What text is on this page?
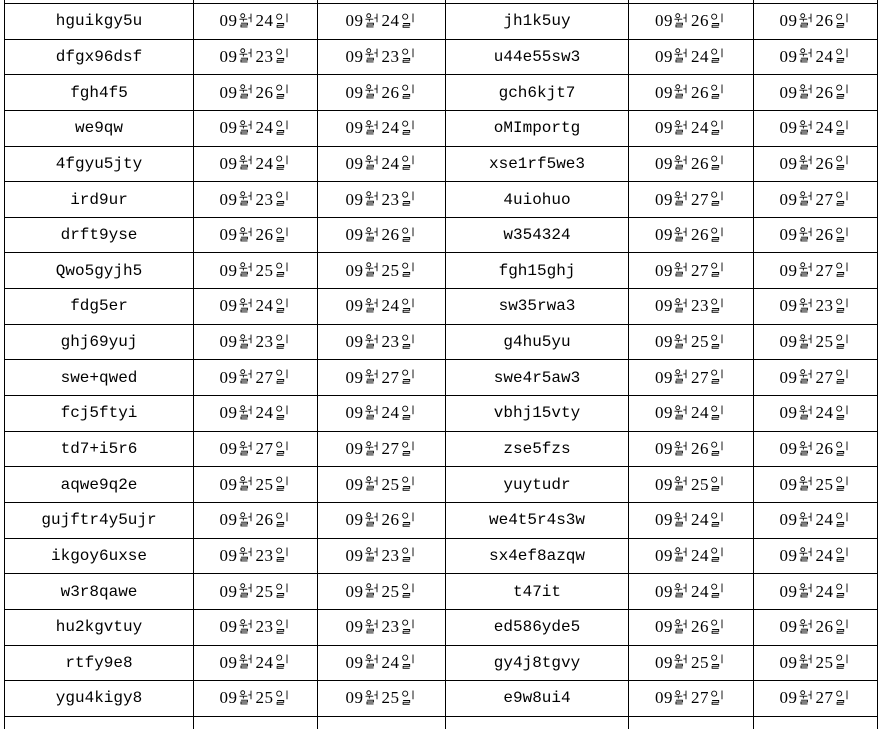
hguikgy5u	09 24	09 24	jh1k5uy	09 26	09 26
dfgx96dsf	09 23	09 23	u44e55sw3	09 24	09 24
fgh4f5	09 26	09 26	gch6kjt7	09 26	09 26
we9qw	09 24	09 24	oMImportg	09 24	09 24
4fgyu5jty	09 24	09 24	xse1rf5we3	09 26	09 26
ird9ur	09 23	09 23	4uiohuo	09 27	09 27
drft9yse	09 26	09 26	w354324	09 26	09 26
Qwo5gyjh5	09 25	09 25	fgh15ghj	09 27	09 27
fdg5er	09 24	09 24	sw35rwa3	09 23	09 23
ghj69yuj	09 23	09 23	g4hu5yu	09 25	09 25
swe+qwed	09 27	09 27	swe4r5aw3	09 27	09 27
fcj5ftyi	09 24	09 24	vbhj15vty	09 24	09 24
td7+i5r6	09 27	09 27	zse5fzs	09 26	09 26
aqwe9q2e	09 25	09 25	yuytudr	09 25	09 25
gujftr4y5ujr	09 26	09 26	we4t5r4s3w	09 24	09 24
ikgoy6uxse	09 23	09 23	sx4ef8azqw	09 24	09 24
w3r8qawe	09 25	09 25	t47it	09 24	09 24
hu2kgvtuy	09 23	09 23	ed586yde5	09 26	09 26
rtfy9e8	09 24	09 24	gy4j8tgvy	09 25	09 25
ygu4kigy8	09 25	09 25	e9w8ui4	09 27	09 27
